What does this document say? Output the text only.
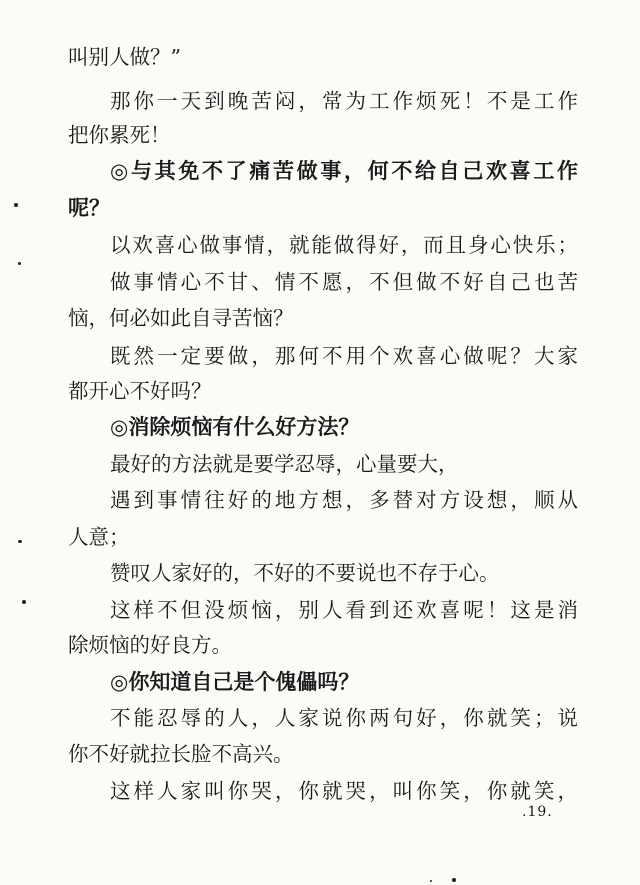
叫别人做？”
那你一天到晚苦闷，常为工作烦死！不是工作
把你累死！
◎与其免不了痛苦做事，何不给自己欢喜工作
呢？
以欢喜心做事情，就能做得好，而且身心快乐；
做事情心不甘、情不愿，不但做不好自己也苦
恼，何必如此自寻苦恼？
既然一定要做，那何不用个欢喜心做呢？大家
都开心不好吗？
◎消除烦恼有什么好方法？
最好的方法就是要学忍辱，心量要大，
遇到事情往好的地方想，多替对方设想，顺从
人意；
赞叹人家好的，不好的不要说也不存于心。
这样不但没烦恼，别人看到还欢喜呢！这是消
除烦恼的好良方。
◎你知道自己是个傀儡吗？
不能忍辱的人，人家说你两句好，你就笑；说
你不好就拉长脸不高兴。
这样人家叫你哭，你就哭，叫你笑，你就笑，
.19.
